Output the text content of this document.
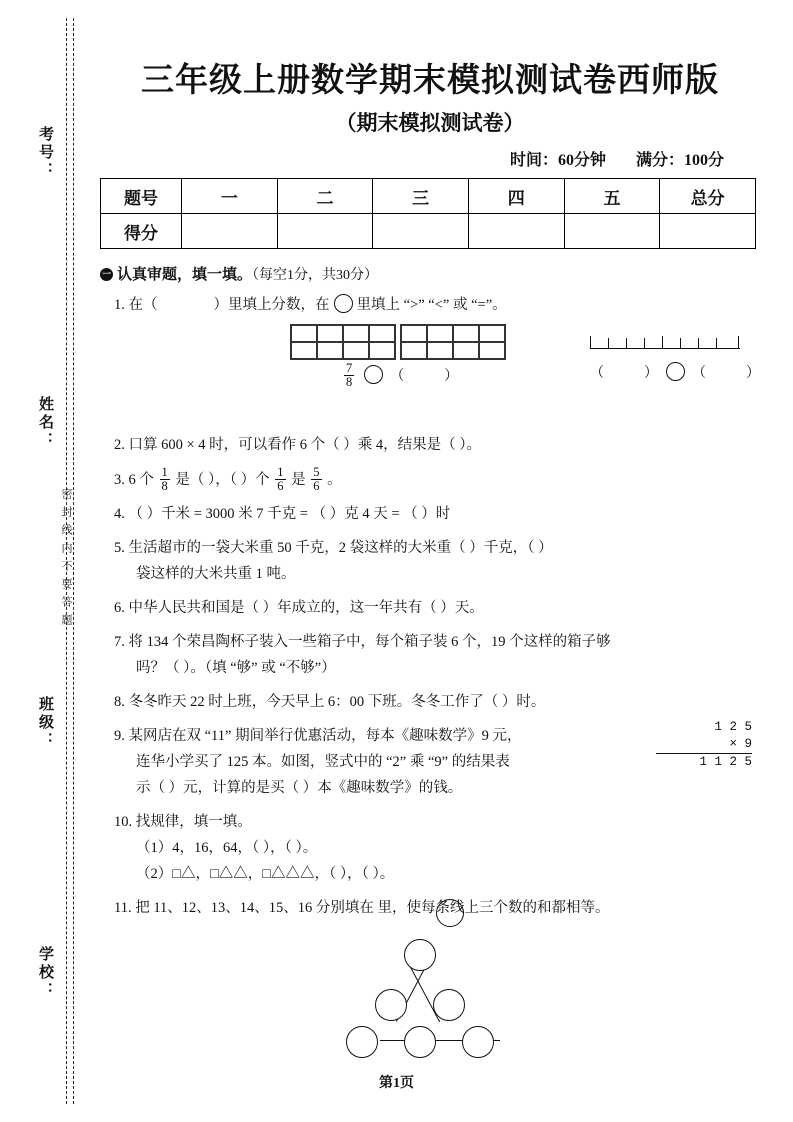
考号：
姓名：
班级：
学校：
密封线内不要答题
三年级上册数学期末模拟测试卷西师版
（期末模拟测试卷）
时间：60分钟 满分：100分
题号	一	二	三	四	五	总分
得分						
一 认真审题，填一填。（每空1分，共30分）
1. 在（	）里填上分数，在 里填上 “>” “<” 或 “=”。
$\frac{7}{8}$	（	）	（	） （	）
2. 口算 600 × 4 时，可以看作 6 个（ ）乘 4，结果是（ ）。
3. 6 个 $\frac{1}{8}$ 是（ ），（ ）个 $\frac{1}{6}$ 是 $\frac{5}{6}$ 。
4. （ ）千米 = 3000 米 7 千克 = （ ）克 4 天 = （ ）时
5. 生活超市的一袋大米重 50 千克，2 袋这样的大米重（ ）千克，（ ）
袋这样的大米共重 1 吨。
6. 中华人民共和国是（ ）年成立的，这一年共有（ ）天。
7. 将 134 个荣昌陶杯子装入一些箱子中，每个箱子装 6 个，19 个这样的箱子够
吗？（ ）。（填 “够” 或 “不够”）
8. 冬冬昨天 22 时上班，今天早上 6：00 下班。冬冬工作了（ ）时。
9. 某网店在双 “11” 期间举行优惠活动，每本《趣味数学》9 元，
连华小学买了 125 本。如图，竖式中的 “2” 乘 “9” 的结果表
示（ ）元，计算的是买（ ）本《趣味数学》的钱。
1 2 5
× 9
1 1 2 5
10. 找规律，填一填。
（1）4，16，64，（ ），（ ）。
（2）□△，□△△，□△△△，（ ），（ ）。
11. 把 11、12、13、14、15、16 分别填在 里，使每条线上三个数的和都相等。
第1页
